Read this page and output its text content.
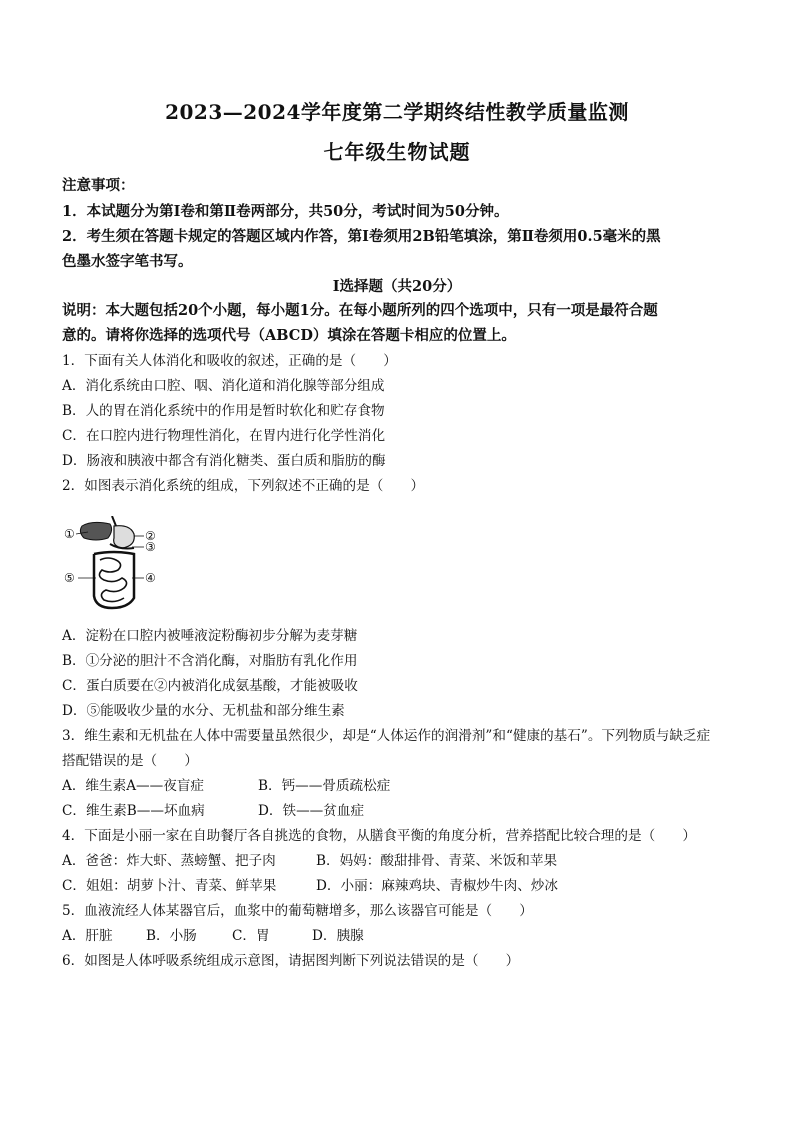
2023—2024学年度第二学期终结性教学质量监测
七年级生物试题
注意事项：
1．本试题分为第Ⅰ卷和第Ⅱ卷两部分，共50分，考试时间为50分钟。
2．考生须在答题卡规定的答题区域内作答，第Ⅰ卷须用2B铅笔填涂，第Ⅱ卷须用0.5毫米的黑
色墨水签字笔书写。
Ⅰ选择题（共20分）
说明：本大题包括20个小题，每小题1分。在每小题所列的四个选项中，只有一项是最符合题
意的。请将你选择的选项代号（ABCD）填涂在答题卡相应的位置上。
1．下面有关人体消化和吸收的叙述，正确的是（　　）
A．消化系统由口腔、咽、消化道和消化腺等部分组成
B．人的胃在消化系统中的作用是暂时软化和贮存食物
C．在口腔内进行物理性消化，在胃内进行化学性消化
D．肠液和胰液中都含有消化糖类、蛋白质和脂肪的酶
2．如图表示消化系统的组成，下列叙述不正确的是（　　）
①	②
③
④
⑤
A．淀粉在口腔内被唾液淀粉酶初步分解为麦芽糖
B．①分泌的胆汁不含消化酶，对脂肪有乳化作用
C．蛋白质要在②内被消化成氨基酸，才能被吸收
D．⑤能吸收少量的水分、无机盐和部分维生素
3．维生素和无机盐在人体中需要量虽然很少，却是“人体运作的润滑剂”和“健康的基石”。下列物质与缺乏症
搭配错误的是（　　）
A．维生素A——夜盲症	B．钙——骨质疏松症
C．维生素B——坏血病	D．铁——贫血症
4．下面是小丽一家在自助餐厅各自挑选的食物，从膳食平衡的角度分析，营养搭配比较合理的是（　　）
A．爸爸：炸大虾、蒸螃蟹、把子肉	B．妈妈：酸甜排骨、青菜、米饭和苹果
C．姐姐：胡萝卜汁、青菜、鲜苹果	D．小丽：麻辣鸡块、青椒炒牛肉、炒冰
5．血液流经人体某器官后，血浆中的葡萄糖增多，那么该器官可能是（　　）
A．肝脏	B．小肠	C．胃	D．胰腺
6．如图是人体呼吸系统组成示意图，请据图判断下列说法错误的是（　　）
